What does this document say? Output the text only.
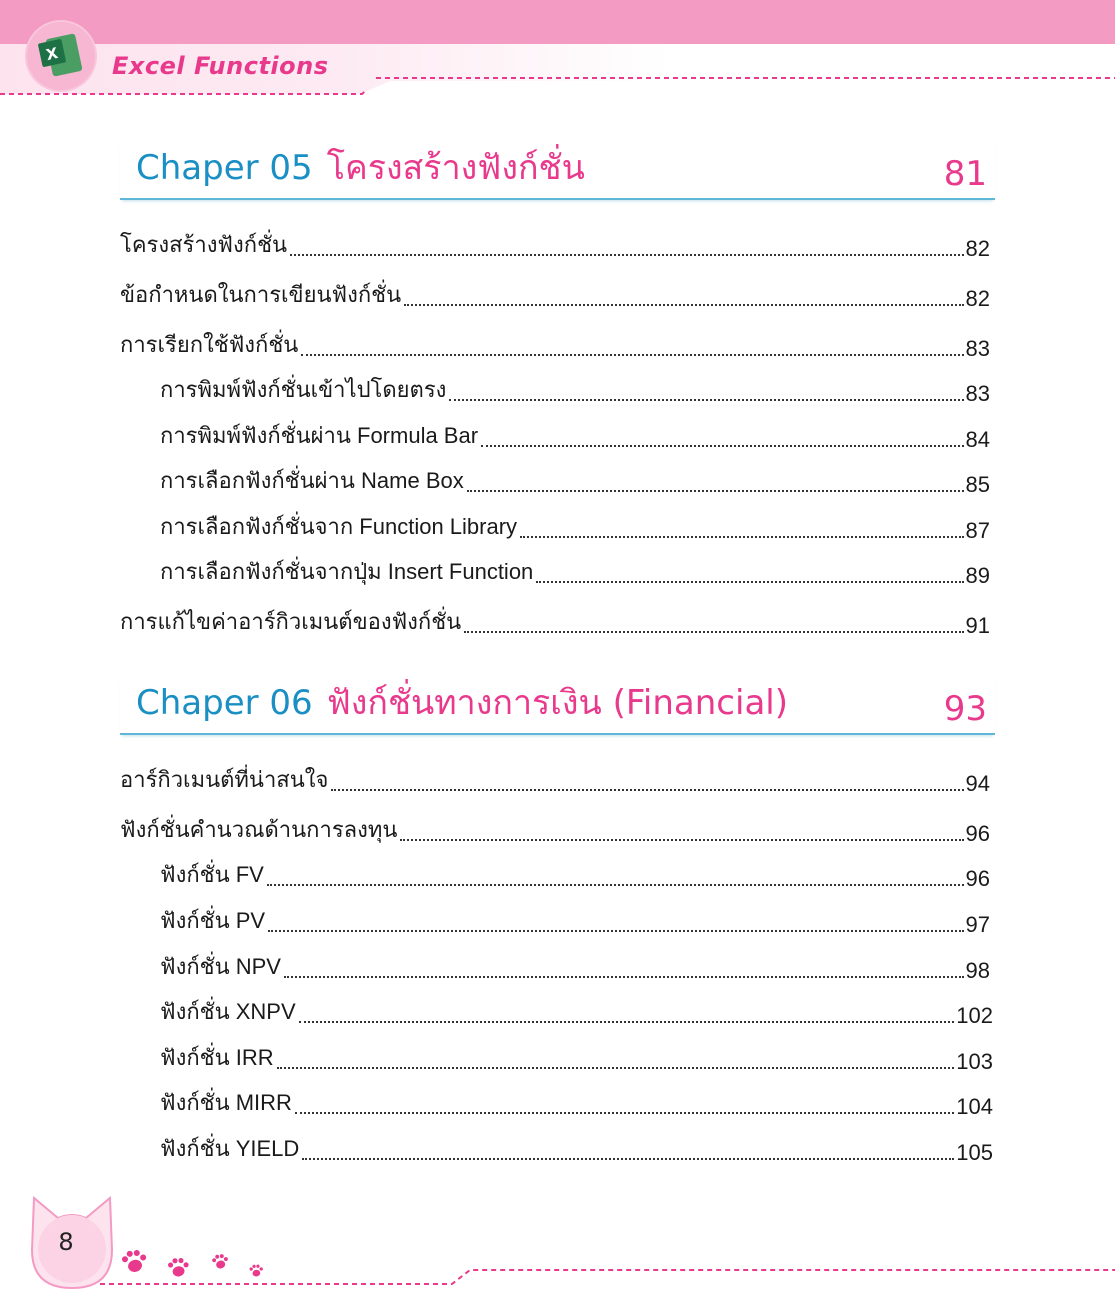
X Excel Functions
Chaper 05 โครงสร้างฟังก์ชั่น	81
โครงสร้างฟังก์ชั่น	82
ข้อกำหนดในการเขียนฟังก์ชั่น	82
การเรียกใช้ฟังก์ชั่น	83
การพิมพ์ฟังก์ชั่นเข้าไปโดยตรง	83
การพิมพ์ฟังก์ชั่นผ่าน Formula Bar	84
การเลือกฟังก์ชั่นผ่าน Name Box	85
การเลือกฟังก์ชั่นจาก Function Library	87
การเลือกฟังก์ชั่นจากปุ่ม Insert Function	89
การแก้ไขค่าอาร์กิวเมนต์ของฟังก์ชั่น	91
Chaper 06 ฟังก์ชั่นทางการเงิน (Financial)	93
อาร์กิวเมนต์ที่น่าสนใจ	94
ฟังก์ชั่นคำนวณด้านการลงทุน	96
ฟังก์ชั่น FV	96
ฟังก์ชั่น PV	97
ฟังก์ชั่น NPV	98
ฟังก์ชั่น XNPV	102
ฟังก์ชั่น IRR	103
ฟังก์ชั่น MIRR	104
ฟังก์ชั่น YIELD	105
8
